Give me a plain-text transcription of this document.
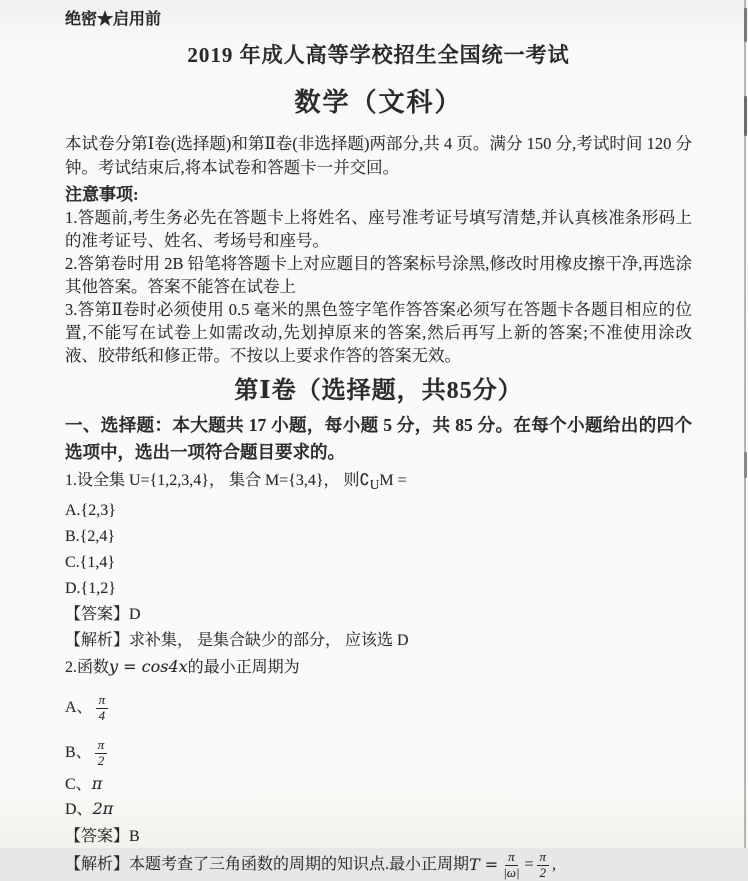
绝密★启用前
2019 年成人高等学校招生全国统一考试
数学（文科）
本试卷分第Ⅰ卷(选择题)和第Ⅱ卷(非选择题)两部分,共 4 页。满分 150 分,考试时间 120 分钟。考试结束后,将本试卷和答题卡一并交回。
注意事项:
1.答题前,考生务必先在答题卡上将姓名、座号准考证号填写清楚,并认真核准条形码上的准考证号、姓名、考场号和座号。
2.答第卷时用 2B 铅笔将答题卡上对应题目的答案标号涂黑,修改时用橡皮擦干净,再选涂其他答案。答案不能答在试卷上
3.答第Ⅱ卷时必须使用 0.5 毫米的黑色签字笔作答答案必须写在答题卡各题目相应的位置,不能写在试卷上如需改动,先划掉原来的答案,然后再写上新的答案;不准使用涂改液、胶带纸和修正带。不按以上要求作答的答案无效。
第Ⅰ卷（选择题，共85分）
一、选择题：本大题共 17 小题，每小题 5 分，共 85 分。在每个小题给出的四个选项中，选出一项符合题目要求的。
1.设全集 U={1,2,3,4}， 集合 M={3,4}， 则$∁_UM$ =
A.{2,3}
B.{2,4}
C.{1,4}
D.{1,2}
【答案】D
【解析】求补集， 是集合缺少的部分， 应该选 D
2.函数y = cos4x的最小正周期为
A、 $\frac{\pi}{4}$
B、 $\frac{\pi}{2}$
C、π
D、2π
【答案】B
【解析】本题考查了三角函数的周期的知识点.最小正周期 $T = \frac{\pi}{|\omega|} = \frac{\pi}{2}$ ,
